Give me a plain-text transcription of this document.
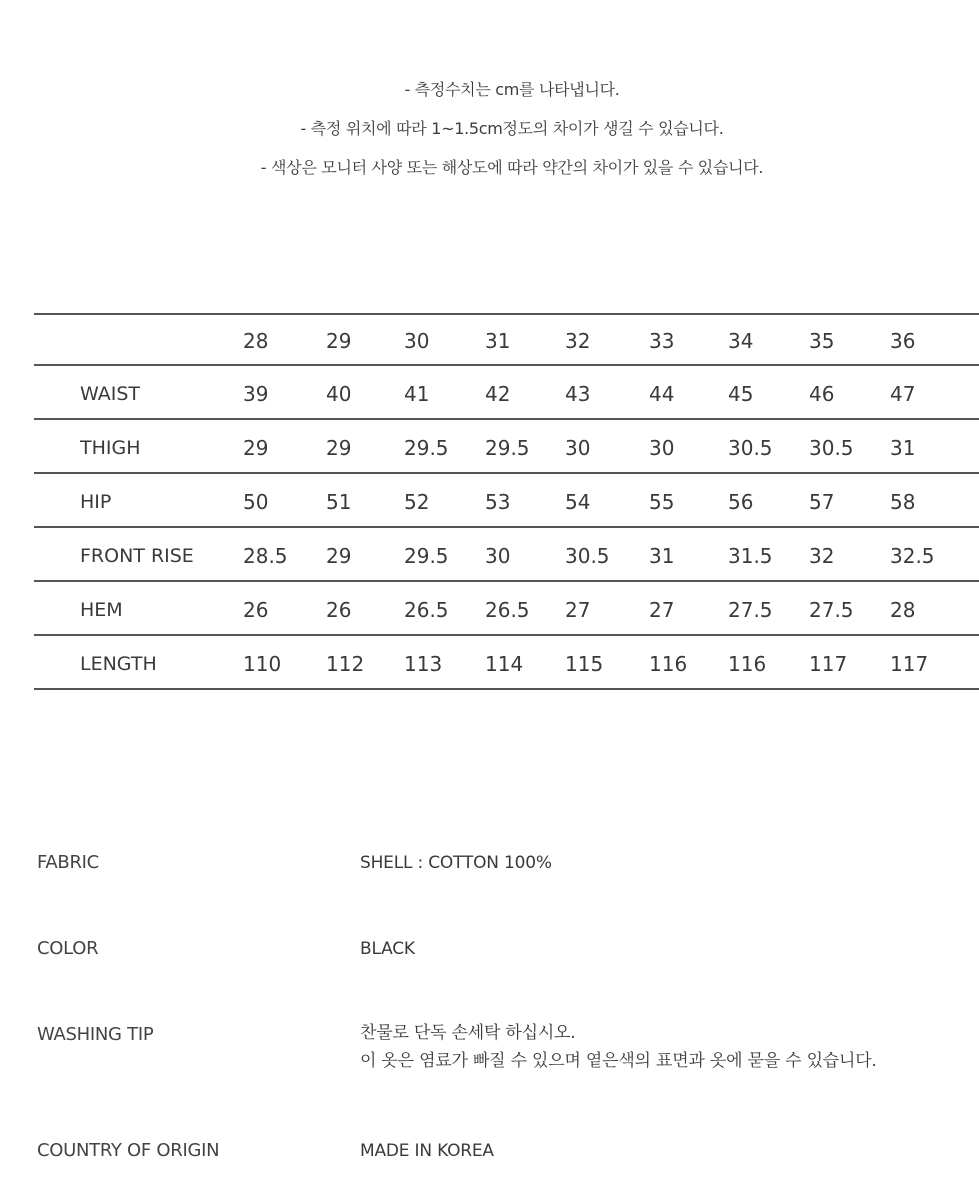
- 측정수치는 cm를 나타냅니다.
- 측정 위치에 따라 1~1.5cm정도의 차이가 생길 수 있습니다.
- 색상은 모니터 사양 또는 해상도에 따라 약간의 차이가 있을 수 있습니다.
	28	29	30	31	32	33	34	35	36
WAIST	39	40	41	42	43	44	45	46	47
THIGH	29	29	29.5	29.5	30	30	30.5	30.5	31
HIP	50	51	52	53	54	55	56	57	58
FRONT RISE	28.5	29	29.5	30	30.5	31	31.5	32	32.5
HEM	26	26	26.5	26.5	27	27	27.5	27.5	28
LENGTH	110	112	113	114	115	116	116	117	117
FABRIC	SHELL : COTTON 100%
COLOR	BLACK
WASHING TIP	찬물로 단독 손세탁 하십시오.
이 옷은 염료가 빠질 수 있으며 옅은색의 표면과 옷에 묻을 수 있습니다.
COUNTRY OF ORIGIN	MADE IN KOREA
